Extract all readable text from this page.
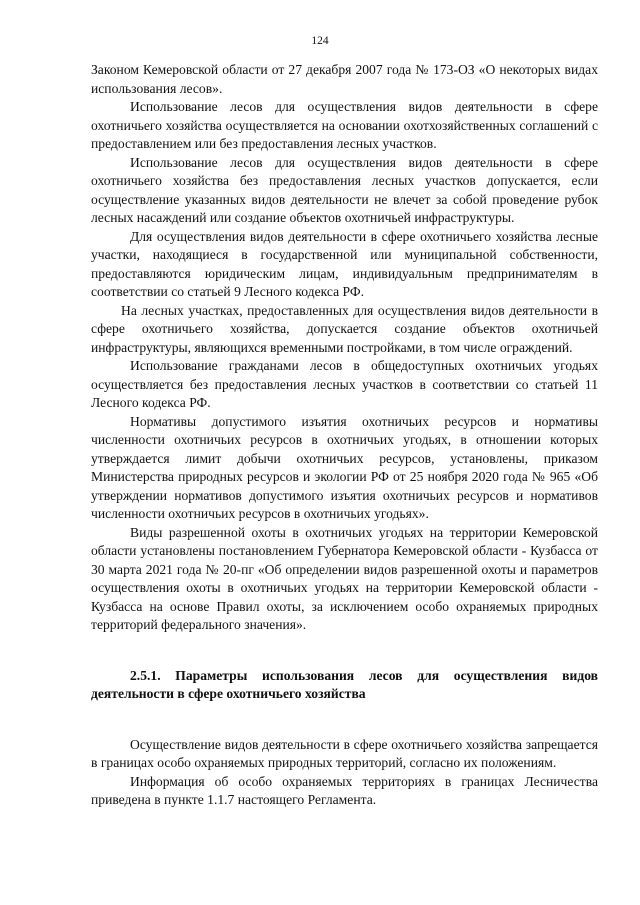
124

Законом Кемеровской области от 27 декабря 2007 года № 173-ОЗ «О некоторых видах использования лесов».

Использование лесов для осуществления видов деятельности в сфере охотничьего хозяйства осуществляется на основании охотхозяйственных соглашений с предоставлением или без предоставления лесных участков.

Использование лесов для осуществления видов деятельности в сфере охотничьего хозяйства без предоставления лесных участков допускается, если осуществление указанных видов деятельности не влечет за собой проведение рубок лесных насаждений или создание объектов охотничьей инфраструктуры.

Для осуществления видов деятельности в сфере охотничьего хозяйства лесные участки, находящиеся в государственной или муниципальной собственности, предоставляются юридическим лицам, индивидуальным предпринимателям в соответствии со статьей 9 Лесного кодекса РФ.

На лесных участках, предоставленных для осуществления видов деятельности в сфере охотничьего хозяйства, допускается создание объектов охотничьей инфраструктуры, являющихся временными постройками, в том числе ограждений.

Использование гражданами лесов в общедоступных охотничьих угодьях осуществляется без предоставления лесных участков в соответствии со статьей 11 Лесного кодекса РФ.

Нормативы допустимого изъятия охотничьих ресурсов и нормативы численности охотничьих ресурсов в охотничьих угодьях, в отношении которых утверждается лимит добычи охотничьих ресурсов, установлены, приказом Министерства природных ресурсов и экологии РФ от 25 ноября 2020 года № 965 «Об утверждении нормативов допустимого изъятия охотничьих ресурсов и нормативов численности охотничьих ресурсов в охотничьих угодьях».

Виды разрешенной охоты в охотничьих угодьях на территории Кемеровской области установлены постановлением Губернатора Кемеровской области - Кузбасса от 30 марта 2021 года № 20-пг «Об определении видов разрешенной охоты и параметров осуществления охоты в охотничьих угодьях на территории Кемеровской области - Кузбасса на основе Правил охоты, за исключением особо охраняемых природных территорий федерального значения».

2.5.1. Параметры использования лесов для осуществления видов деятельности в сфере охотничьего хозяйства

Осуществление видов деятельности в сфере охотничьего хозяйства запрещается в границах особо охраняемых природных территорий, согласно их положениям.

Информация об особо охраняемых территориях в границах Лесничества приведена в пункте 1.1.7 настоящего Регламента.
